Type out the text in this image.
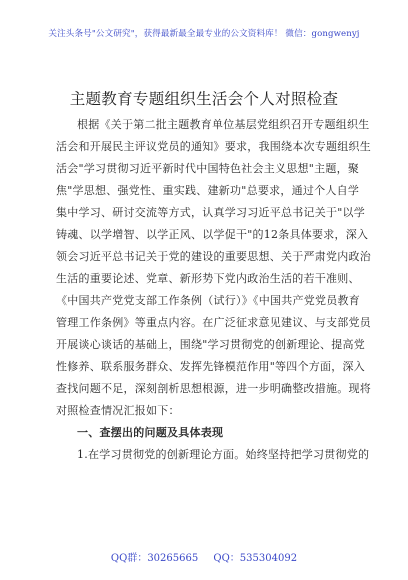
关注头条号"公文研究"，获得最新最全最专业的公文资料库！ 微信：gongwenyj
主题教育专题组织生活会个人对照检查
根据《关于第二批主题教育单位基层党组织召开专题组织生
活会和开展民主评议党员的通知》要求，我围绕本次专题组织生
活会"学习贯彻习近平新时代中国特色社会主义思想"主题，聚
焦"学思想、强党性、重实践、建新功"总要求，通过个人自学
集中学习、研讨交流等方式，认真学习习近平总书记关于"以学
铸魂、以学增智、以学正风、以学促干"的12条具体要求，深入
领会习近平总书记关于党的建设的重要思想、关于严肃党内政治
生活的重要论述、党章、新形势下党内政治生活的若干准则、
《中国共产党党支部工作条例（试行）》《中国共产党党员教育
管理工作条例》等重点内容。在广泛征求意见建议、与支部党员
开展谈心谈话的基础上，围绕"学习贯彻党的创新理论、提高党
性修养、联系服务群众、发挥先锋模范作用"等四个方面，深入
查找问题不足，深刻剖析思想根源，进一步明确整改措施。现将
对照检查情况汇报如下：
一、查摆出的问题及具体表现
1.在学习贯彻党的创新理论方面。始终坚持把学习贯彻党的
QQ群：30265665 QQ：535304092
